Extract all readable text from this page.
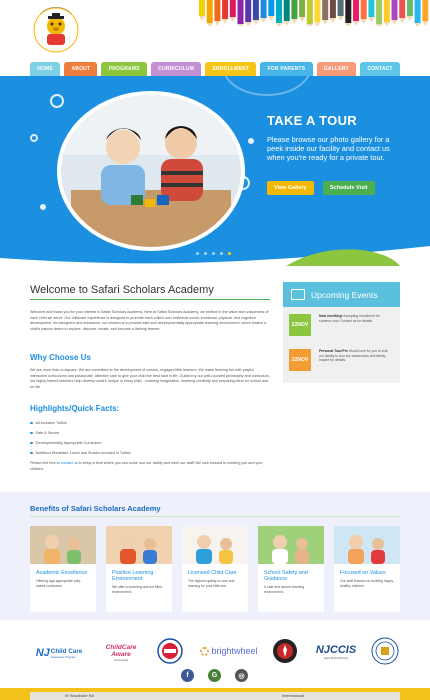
HOME	ABOUT	PROGRAMS	CURRICULUM	ENROLLMENT	FOR PARENTS	GALLERY	CONTACT
TAKE A TOUR
Please browse our photo gallery for a peek inside our facility and contact us when you're ready for a private tour.
View Gallery	Schedule Visit
Welcome to Safari Scholars Academy
Welcome and thank you for your interest in Safari Scholars Academy. Here at Safari Scholars Academy, we believe in the value and uniqueness of each child we serve. Our childcare experience is designed to promote each child's own individual social, emotional, physical, and cognitive development. As caregivers and educators, our mission is to provide safe and developmentally appropriate learning environment, which fosters a child's natural desire to explore, discover, create, and become a lifelong learner.
Why Choose Us
We are more than a daycare. We are committed to the development of curious, engaged little learners. We make learning fun with playful, interactive curriculums and passionate, attentive care to give your child the best start in life. Guided by our well-rounded philosophy and curriculum, our highly trained teachers help develop what's unique in every child - nurturing imagination, fostering creativity and preparing them for school and for life.
Highlights/Quick Facts:
All-Inclusive Tuition
Safe & Secure
Developmentally Appropriate Curriculum
Nutritious Breakfast, Lunch and Snacks Included in Tuition
Please feel free to contact us to setup a time where you can come tour our facility and meet our staff! We look forward to meeting you and your children.
Upcoming Events
22NOV
Now enrolling! Accepting enrollment for summer now. Contact us for details.
22NOV
Personal Tour/Pre Would love for you to visit our facility to tour our classrooms and family. Inquire for details.
Benefits of Safari Scholars Academy
Academic Excellence
Offering age-appropriate play-based curriculum.
Positive Learning Environment
We offer a nurturing and fun filled environment.
Licensed Child Care
The highest quality of care and learning for your little one.
School Safety and Guidance
A safe and secure learning environment.
Focused on Values
Our staff focuses on building happy, healthy children.
NJ Child Care
Assistance Program
ChildCare Aware
of America
brightwheel	NJCCIS
www.NJCCIS.com
f	G	◎
W Woodside Rd	International
